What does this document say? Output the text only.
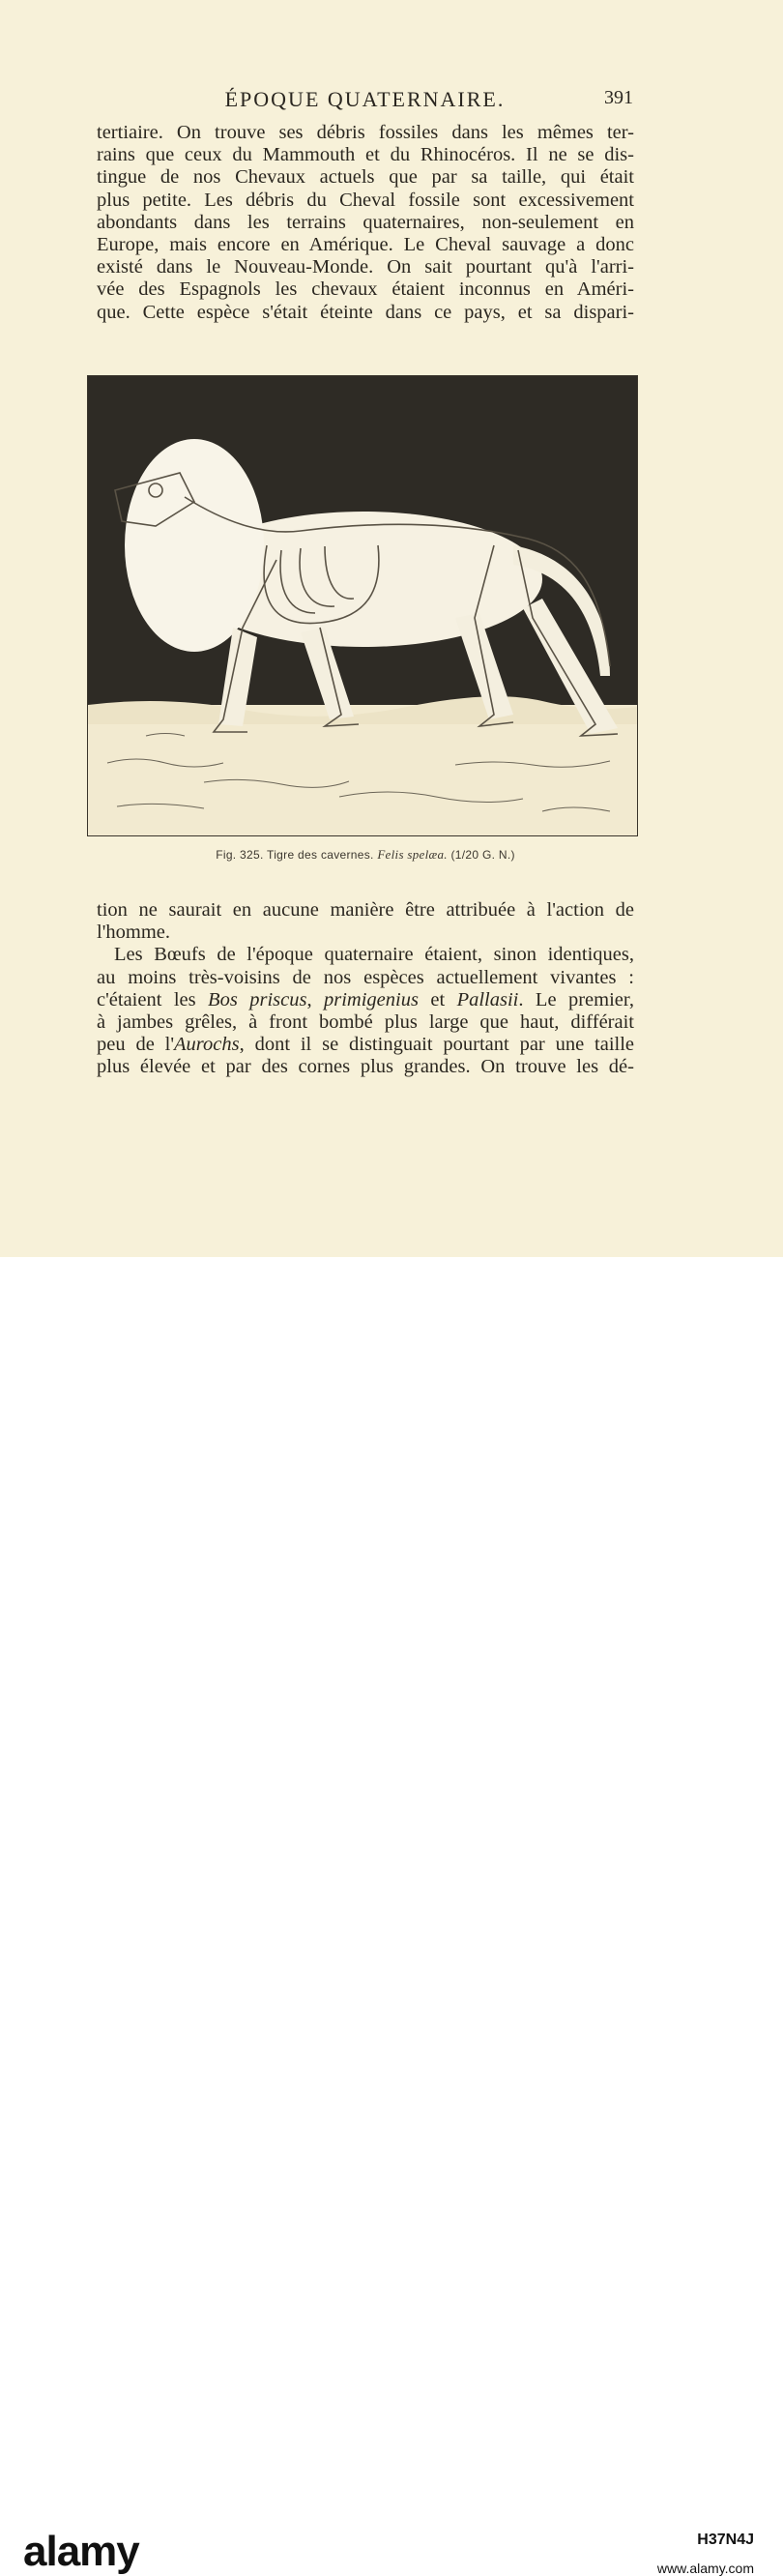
ÉPOQUE QUATERNAIRE.	391
tertiaire. On trouve ses débris fossiles dans les mêmes ter-
rains que ceux du Mammouth et du Rhinocéros. Il ne se dis-
tingue de nos Chevaux actuels que par sa taille, qui était
plus petite. Les débris du Cheval fossile sont excessivement
abondants dans les terrains quaternaires, non-seulement en
Europe, mais encore en Amérique. Le Cheval sauvage a donc
existé dans le Nouveau-Monde. On sait pourtant qu'à l'arri-
vée des Espagnols les chevaux étaient inconnus en Améri-
que. Cette espèce s'était éteinte dans ce pays, et sa dispari-
Fig. 325. Tigre des cavernes. Felis spelæa. (1/20 G. N.)
tion ne saurait en aucune manière être attribuée à l'action de
l'homme.
Les Bœufs de l'époque quaternaire étaient, sinon identiques,
au moins très-voisins de nos espèces actuellement vivantes :
c'étaient les Bos priscus, primigenius et Pallasii. Le premier,
à jambes grêles, à front bombé plus large que haut, différait
peu de l'Aurochs, dont il se distinguait pourtant par une taille
plus élevée et par des cornes plus grandes. On trouve les dé-
alamy	H37N4J
www.alamy.com
